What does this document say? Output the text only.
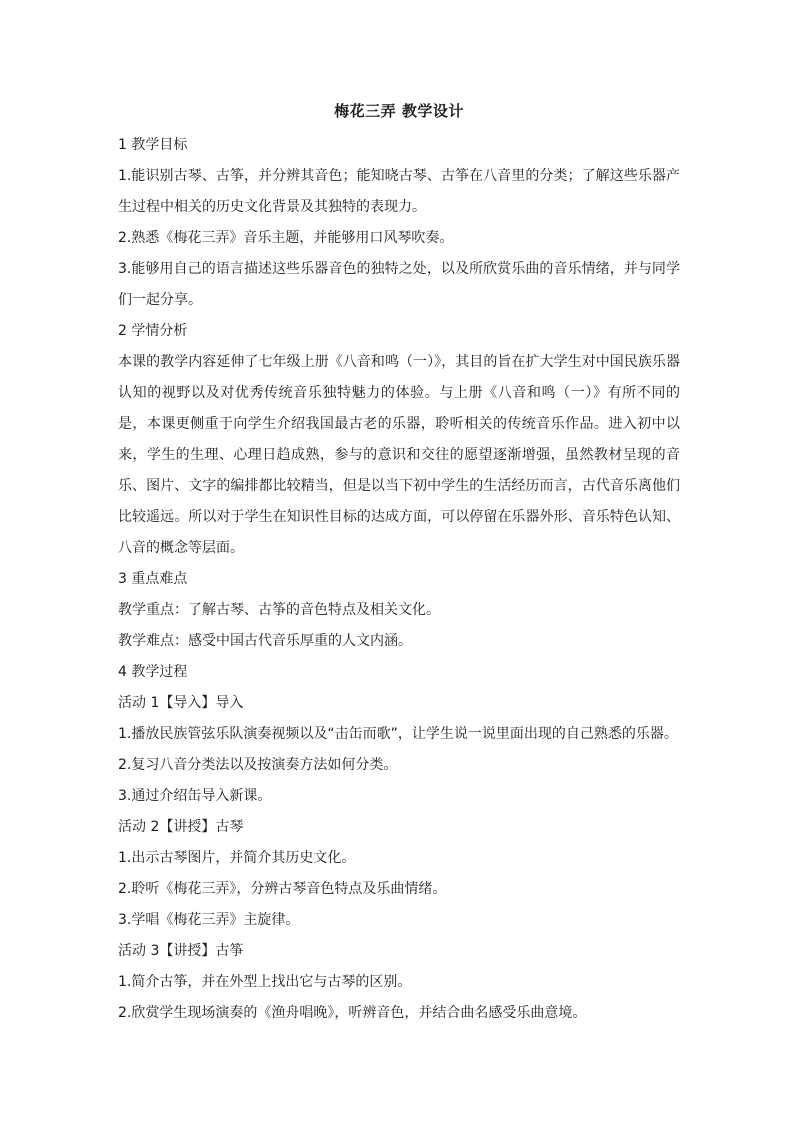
梅花三弄 教学设计
1 教学目标
1.能识别古琴、古筝，并分辨其音色；能知晓古琴、古筝在八音里的分类；了解这些乐器产生过程中相关的历史文化背景及其独特的表现力。
2.熟悉《梅花三弄》音乐主题，并能够用口风琴吹奏。
3.能够用自己的语言描述这些乐器音色的独特之处，以及所欣赏乐曲的音乐情绪，并与同学们一起分享。
2 学情分析
本课的教学内容延伸了七年级上册《八音和鸣（一）》，其目的旨在扩大学生对中国民族乐器认知的视野以及对优秀传统音乐独特魅力的体验。与上册《八音和鸣（一）》有所不同的是，本课更侧重于向学生介绍我国最古老的乐器，聆听相关的传统音乐作品。进入初中以来，学生的生理、心理日趋成熟，参与的意识和交往的愿望逐渐增强，虽然教材呈现的音乐、图片、文字的编排都比较精当，但是以当下初中学生的生活经历而言，古代音乐离他们比较遥远。所以对于学生在知识性目标的达成方面，可以停留在乐器外形、音乐特色认知、八音的概念等层面。
3 重点难点
教学重点：了解古琴、古筝的音色特点及相关文化。
教学难点：感受中国古代音乐厚重的人文内涵。
4 教学过程
活动 1【导入】导入
1.播放民族管弦乐队演奏视频以及“击缶而歌”，让学生说一说里面出现的自己熟悉的乐器。
2.复习八音分类法以及按演奏方法如何分类。
3.通过介绍缶导入新课。
活动 2【讲授】古琴
1.出示古琴图片，并简介其历史文化。
2.聆听《梅花三弄》，分辨古琴音色特点及乐曲情绪。
3.学唱《梅花三弄》主旋律。
活动 3【讲授】古筝
1.简介古筝，并在外型上找出它与古琴的区别。
2.欣赏学生现场演奏的《渔舟唱晚》，听辨音色，并结合曲名感受乐曲意境。
